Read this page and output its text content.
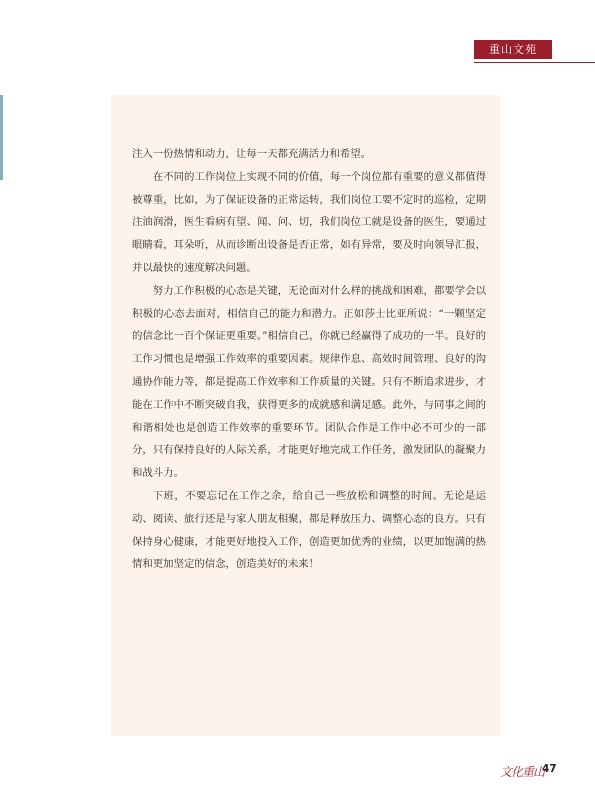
重山文苑

注入一份热情和动力，让每一天都充满活力和希望。

在不同的工作岗位上实现不同的价值，每一个岗位都有重要的意义都值得被尊重，比如，为了保证设备的正常运转，我们岗位工要不定时的巡检，定期注油润滑，医生看病有望、闻、问、切，我们岗位工就是设备的医生，要通过眼睛看，耳朵听，从而诊断出设备是否正常，如有异常，要及时向领导汇报，并以最快的速度解决问题。

努力工作积极的心态是关键，无论面对什么样的挑战和困难，都要学会以积极的心态去面对，相信自己的能力和潜力。正如莎士比亚所说：“一颗坚定的信念比一百个保证更重要。”相信自己，你就已经赢得了成功的一半。良好的工作习惯也是增强工作效率的重要因素。规律作息、高效时间管理、良好的沟通协作能力等，都是提高工作效率和工作质量的关键。只有不断追求进步，才能在工作中不断突破自我，获得更多的成就感和满足感。此外，与同事之间的和谐相处也是创造工作效率的重要环节。团队合作是工作中必不可少的一部分，只有保持良好的人际关系，才能更好地完成工作任务，激发团队的凝聚力和战斗力。

下班，不要忘记在工作之余，给自己一些放松和调整的时间。无论是运动、阅读、旅行还是与家人朋友相聚，都是释放压力、调整心态的良方。只有保持身心健康，才能更好地投入工作，创造更加优秀的业绩，以更加饱满的热情和更加坚定的信念，创造美好的未来！

文化重山
47
